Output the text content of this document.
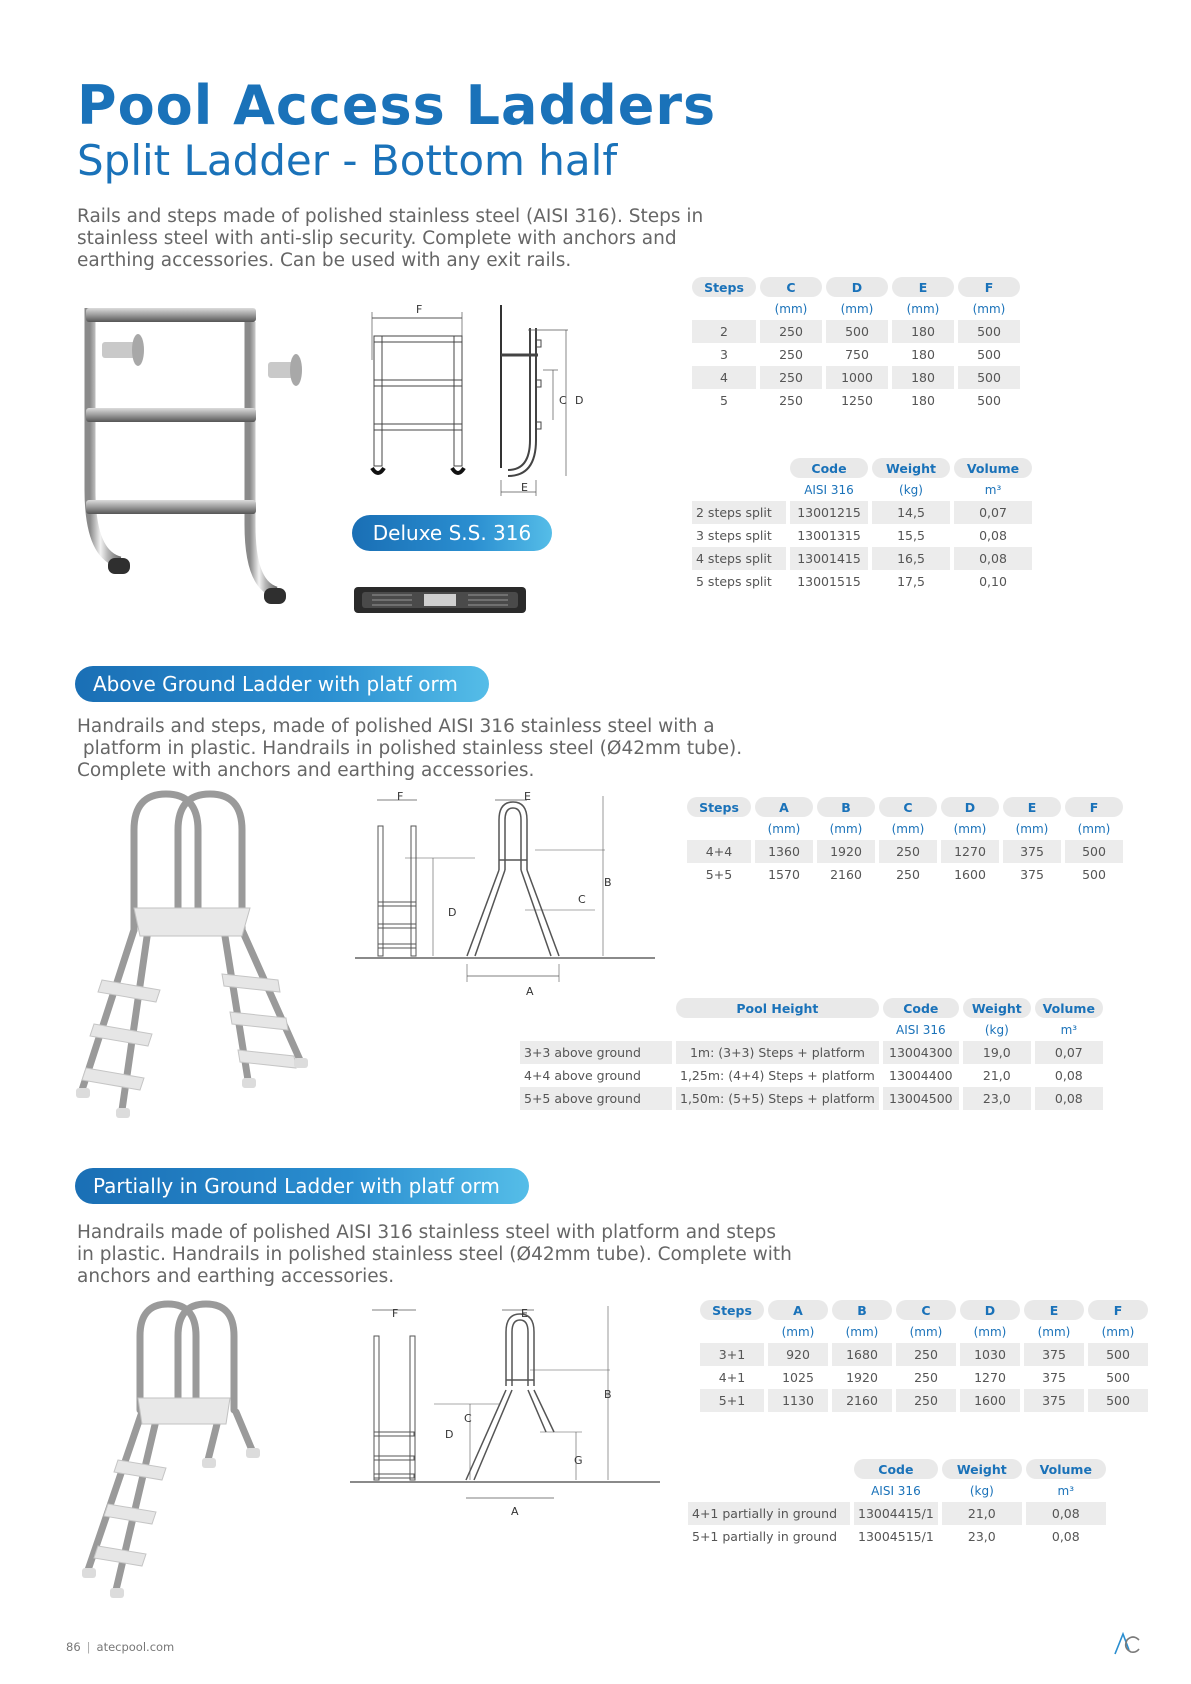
Pool Access Ladders
Split Ladder - Bottom half
Rails and steps made of polished stainless steel (AISI 316). Steps in
stainless steel with anti-slip security. Complete with anchors and
earthing accessories. Can be used with any exit rails.
F
C D
E
Deluxe S.S. 316
Steps	C	D	E	F
	(mm)	(mm)	(mm)	(mm)
2	250	500	180	500
3	250	750	180	500
4	250	1000	180	500
5	250	1250	180	500
	Code	Weight	Volume
	AISI 316	(kg)	m³
2 steps split	13001215	14,5	0,07
3 steps split	13001315	15,5	0,08
4 steps split	13001415	16,5	0,08
5 steps split	13001515	17,5	0,10
Above Ground Ladder with platf orm
Handrails and steps, made of polished AISI 316 stainless steel with a
platform in plastic. Handrails in polished stainless steel (Ø42mm tube).
Complete with anchors and earthing accessories.
F	E
B
C
D
A
Steps	A	B	C	D	E	F
	(mm)	(mm)	(mm)	(mm)	(mm)	(mm)
4+4	1360	1920	250	1270	375	500
5+5	1570	2160	250	1600	375	500
	Pool Height	Code	Weight	Volume
		AISI 316	(kg)	m³
3+3 above ground	1m: (3+3) Steps + platform	13004300	19,0	0,07
4+4 above ground	1,25m: (4+4) Steps + platform	13004400	21,0	0,08
5+5 above ground	1,50m: (5+5) Steps + platform	13004500	23,0	0,08
Partially in Ground Ladder with platf orm
Handrails made of polished AISI 316 stainless steel with platform and steps
in plastic. Handrails in polished stainless steel (Ø42mm tube). Complete with
anchors and earthing accessories.
F	E
B
C
D
G
A
Steps	A	B	C	D	E	F
	(mm)	(mm)	(mm)	(mm)	(mm)	(mm)
3+1	920	1680	250	1030	375	500
4+1	1025	1920	250	1270	375	500
5+1	1130	2160	250	1600	375	500
	Code	Weight	Volume
	AISI 316	(kg)	m³
4+1 partially in ground	13004415/1	21,0	0,08
5+1 partially in ground	13004515/1	23,0	0,08
86 | atecpool.com
